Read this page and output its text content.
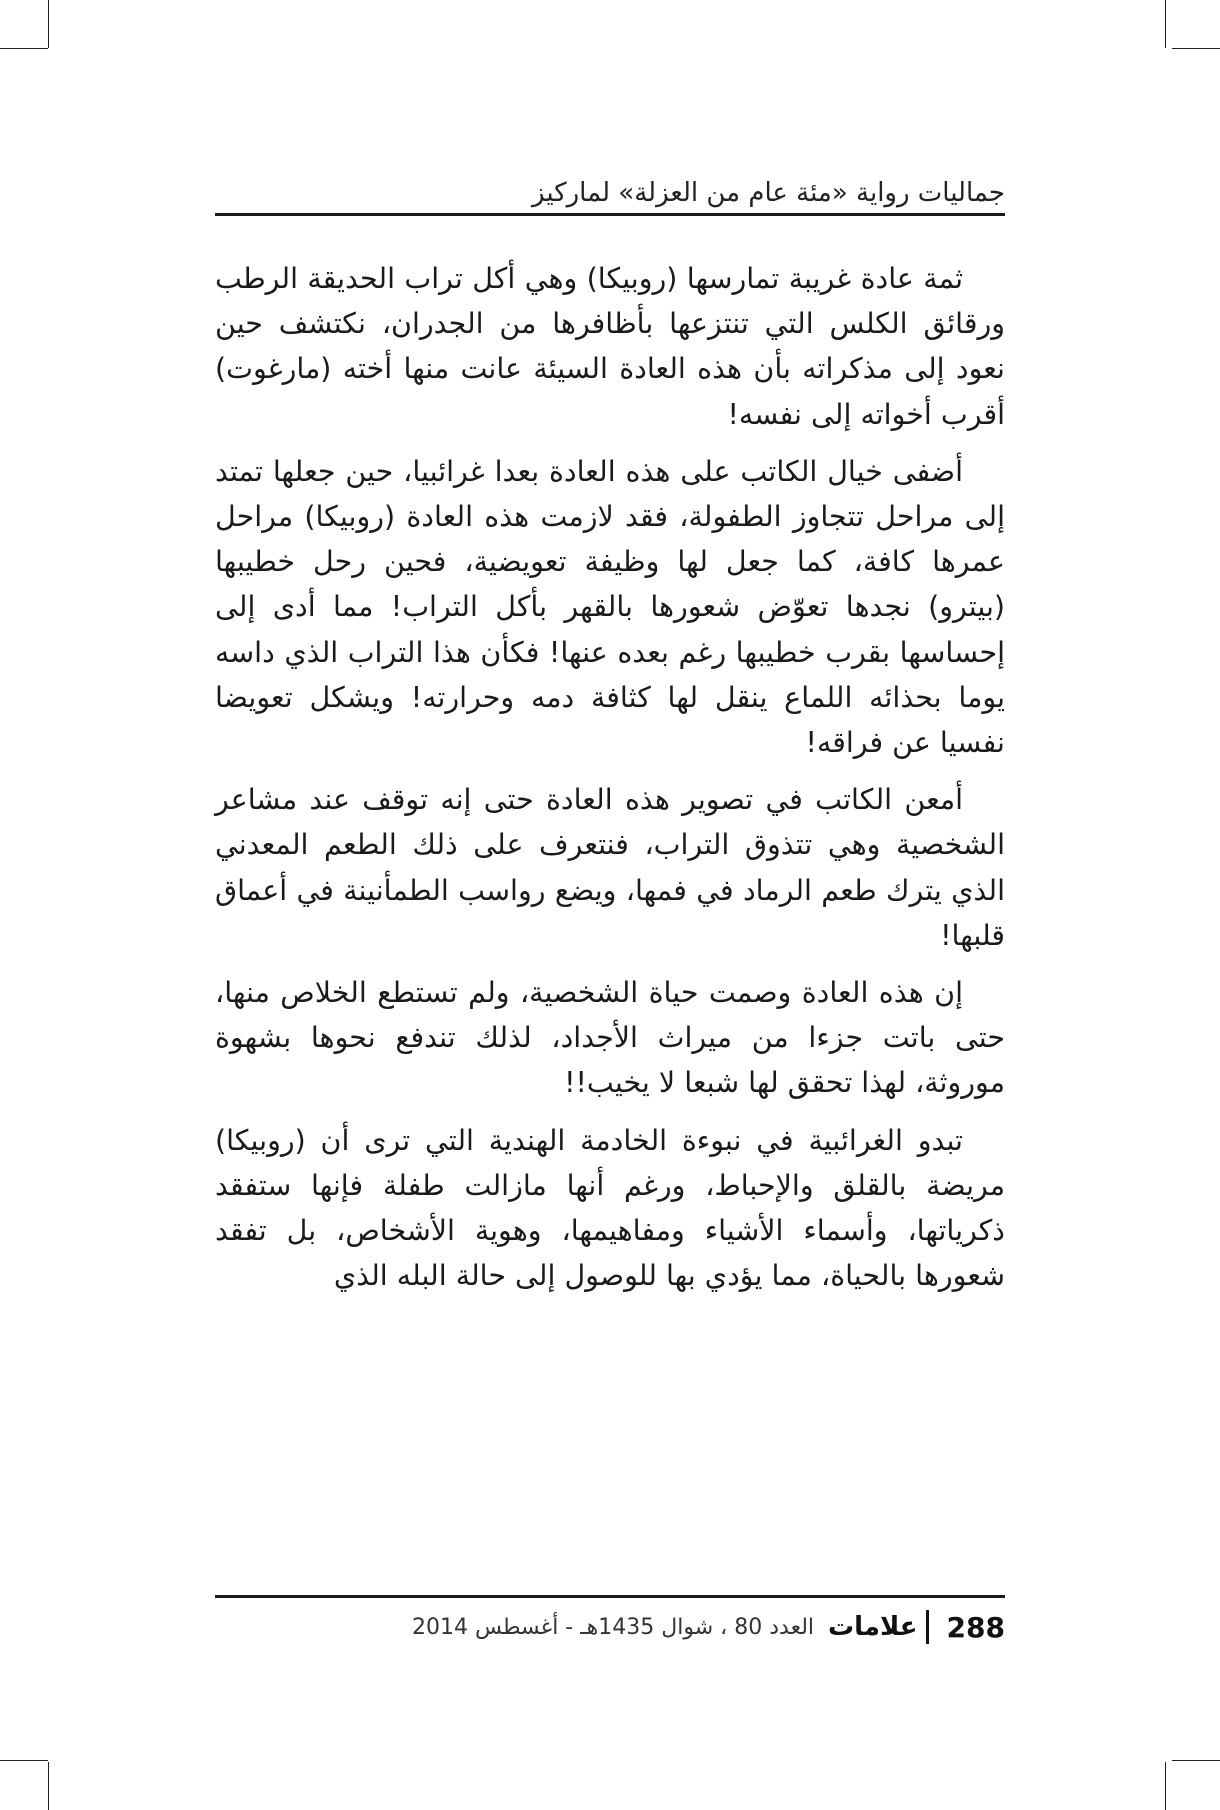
جماليات رواية «مئة عام من العزلة» لماركيز

ثمة عادة غريبة تمارسها (روبيكا) وهي أكل تراب الحديقة الرطب ورقائق الكلس التي تنتزعها بأظافرها من الجدران، نكتشف حين نعود إلى مذكراته بأن هذه العادة السيئة عانت منها أخته (مارغوت) أقرب أخواته إلى نفسه!

أضفى خيال الكاتب على هذه العادة بعدا غرائبيا، حين جعلها تمتد إلى مراحل تتجاوز الطفولة، فقد لازمت هذه العادة (روبيكا) مراحل عمرها كافة، كما جعل لها وظيفة تعويضية، فحين رحل خطيبها (بيترو) نجدها تعوّض شعورها بالقهر بأكل التراب! مما أدى إلى إحساسها بقرب خطيبها رغم بعده عنها! فكأن هذا التراب الذي داسه يوما بحذائه اللماع ينقل لها كثافة دمه وحرارته! ويشكل تعويضا نفسيا عن فراقه!

أمعن الكاتب في تصوير هذه العادة حتى إنه توقف عند مشاعر الشخصية وهي تتذوق التراب، فنتعرف على ذلك الطعم المعدني الذي يترك طعم الرماد في فمها، ويضع رواسب الطمأنينة في أعماق قلبها!

إن هذه العادة وصمت حياة الشخصية، ولم تستطع الخلاص منها، حتى باتت جزءا من ميراث الأجداد، لذلك تندفع نحوها بشهوة موروثة، لهذا تحقق لها شبعا لا يخيب!!

تبدو الغرائبية في نبوءة الخادمة الهندية التي ترى أن (روبيكا) مريضة بالقلق والإحباط، ورغم أنها مازالت طفلة فإنها ستفقد ذكرياتها، وأسماء الأشياء ومفاهيمها، وهوية الأشخاص، بل تفقد شعورها بالحياة، مما يؤدي بها للوصول إلى حالة البله الذي

288
علامات
العدد 80 ، شوال 1435هـ - أغسطس 2014
